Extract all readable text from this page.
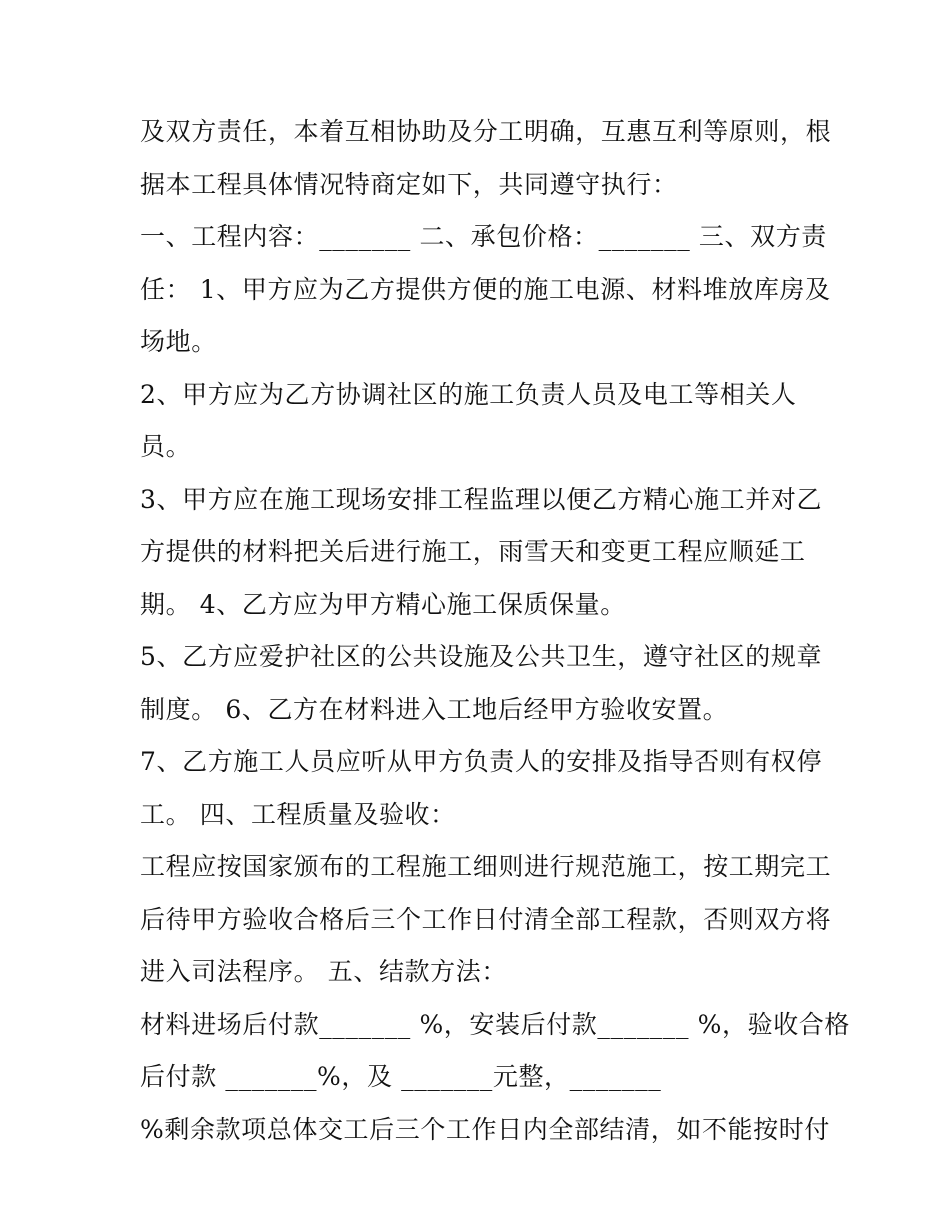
及双方责任，本着互相协助及分工明确，互惠互利等原则，根
据本工程具体情况特商定如下，共同遵守执行：
一、工程内容：_______ 二、承包价格：_______ 三、双方责
任： 1、甲方应为乙方提供方便的施工电源、材料堆放库房及
场地。
2、甲方应为乙方协调社区的施工负责人员及电工等相关人
员。
3、甲方应在施工现场安排工程监理以便乙方精心施工并对乙
方提供的材料把关后进行施工，雨雪天和变更工程应顺延工
期。 4、乙方应为甲方精心施工保质保量。
5、乙方应爱护社区的公共设施及公共卫生，遵守社区的规章
制度。 6、乙方在材料进入工地后经甲方验收安置。
7、乙方施工人员应听从甲方负责人的安排及指导否则有权停
工。 四、工程质量及验收：
工程应按国家颁布的工程施工细则进行规范施工，按工期完工
后待甲方验收合格后三个工作日付清全部工程款，否则双方将
进入司法程序。 五、结款方法：
材料进场后付款_______ %，安装后付款_______ %，验收合格
后付款 _______%，及 _______元整，_______
%剩余款项总体交工后三个工作日内全部结清，如不能按时付
